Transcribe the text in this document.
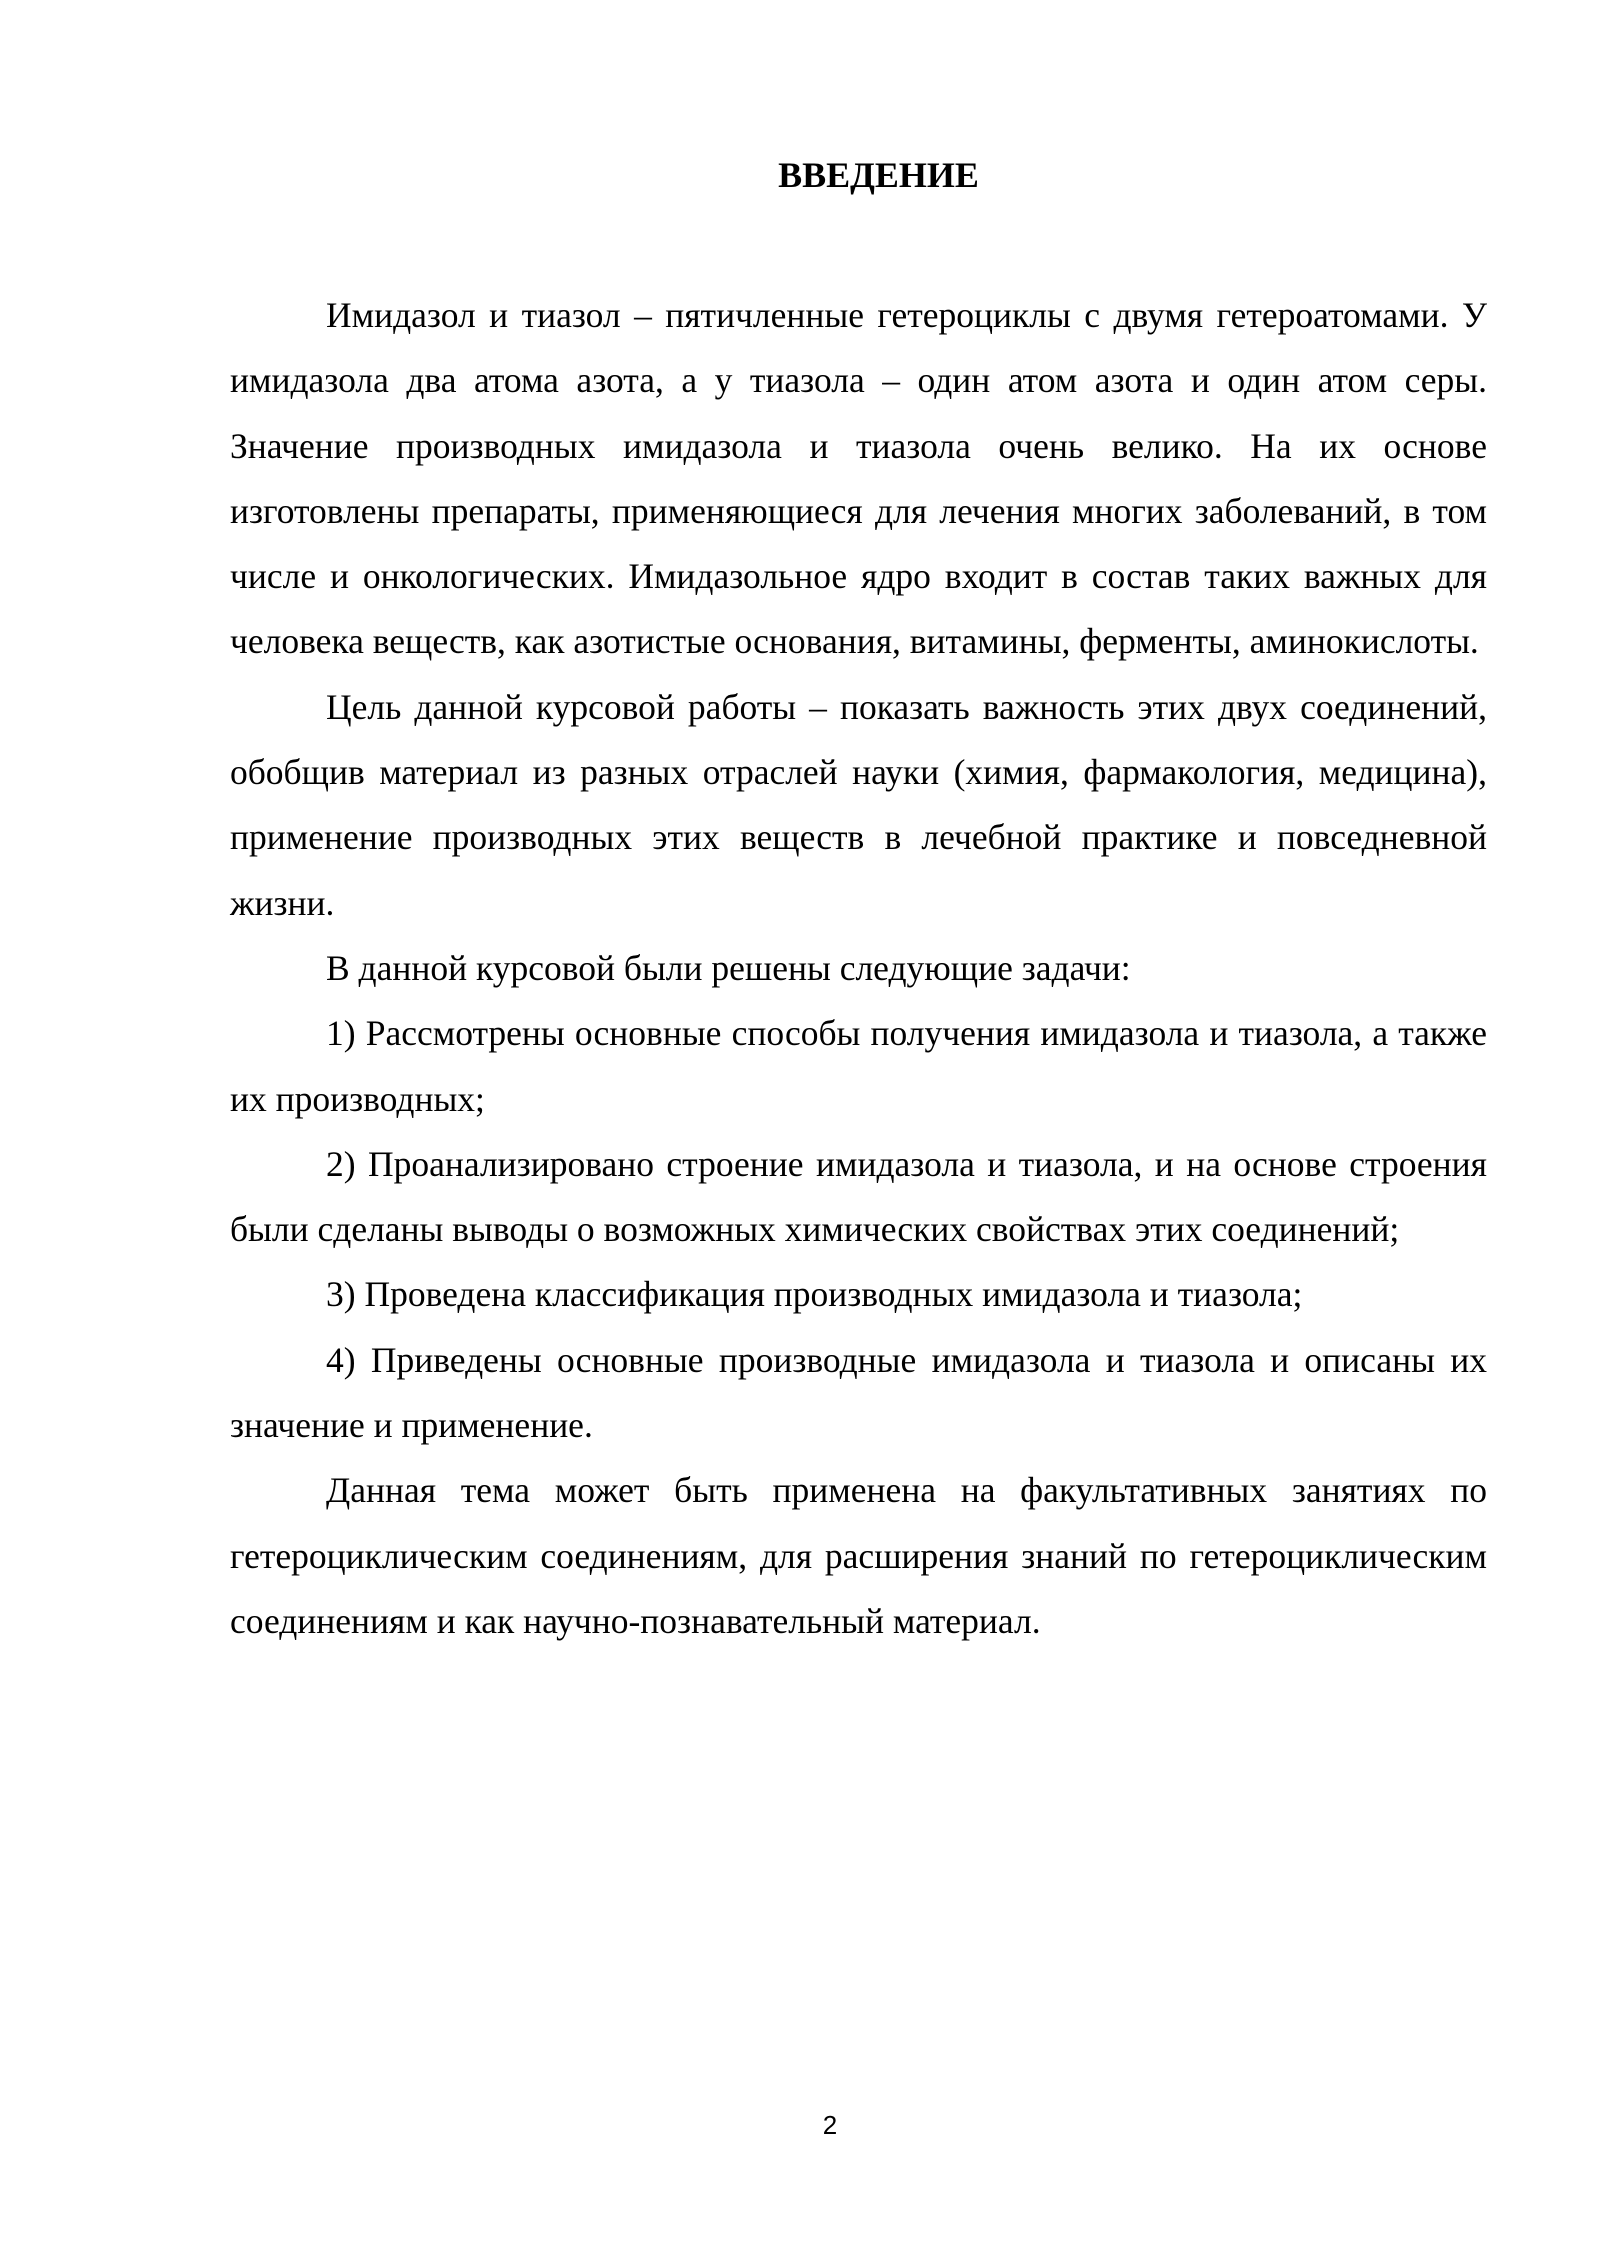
ВВЕДЕНИЕ

Имидазол и тиазол – пятичленные гетероциклы с двумя гетероатомами. У имидазола два атома азота, а у тиазола – один атом азота и один атом серы. Значение производных имидазола и тиазола очень велико. На их основе изготовлены препараты, применяющиеся для лечения многих заболеваний, в том числе и онкологических. Имидазольное ядро входит в состав таких важных для человека веществ, как азотистые основания, витамины, ферменты, аминокислоты.

Цель данной курсовой работы – показать важность этих двух соединений, обобщив материал из разных отраслей науки (химия, фармакология, медицина), применение производных этих веществ в лечебной практике и повседневной жизни.

В данной курсовой были решены следующие задачи:

1) Рассмотрены основные способы получения имидазола и тиазола, а также их производных;

2) Проанализировано строение имидазола и тиазола, и на основе строения были сделаны выводы о возможных химических свойствах этих соединений;

3) Проведена классификация производных имидазола и тиазола;

4) Приведены основные производные имидазола и тиазола и описаны их значение и применение.

Данная тема может быть применена на факультативных занятиях по гетероциклическим соединениям, для расширения знаний по гетероциклическим соединениям и как научно-познавательный материал.

2
